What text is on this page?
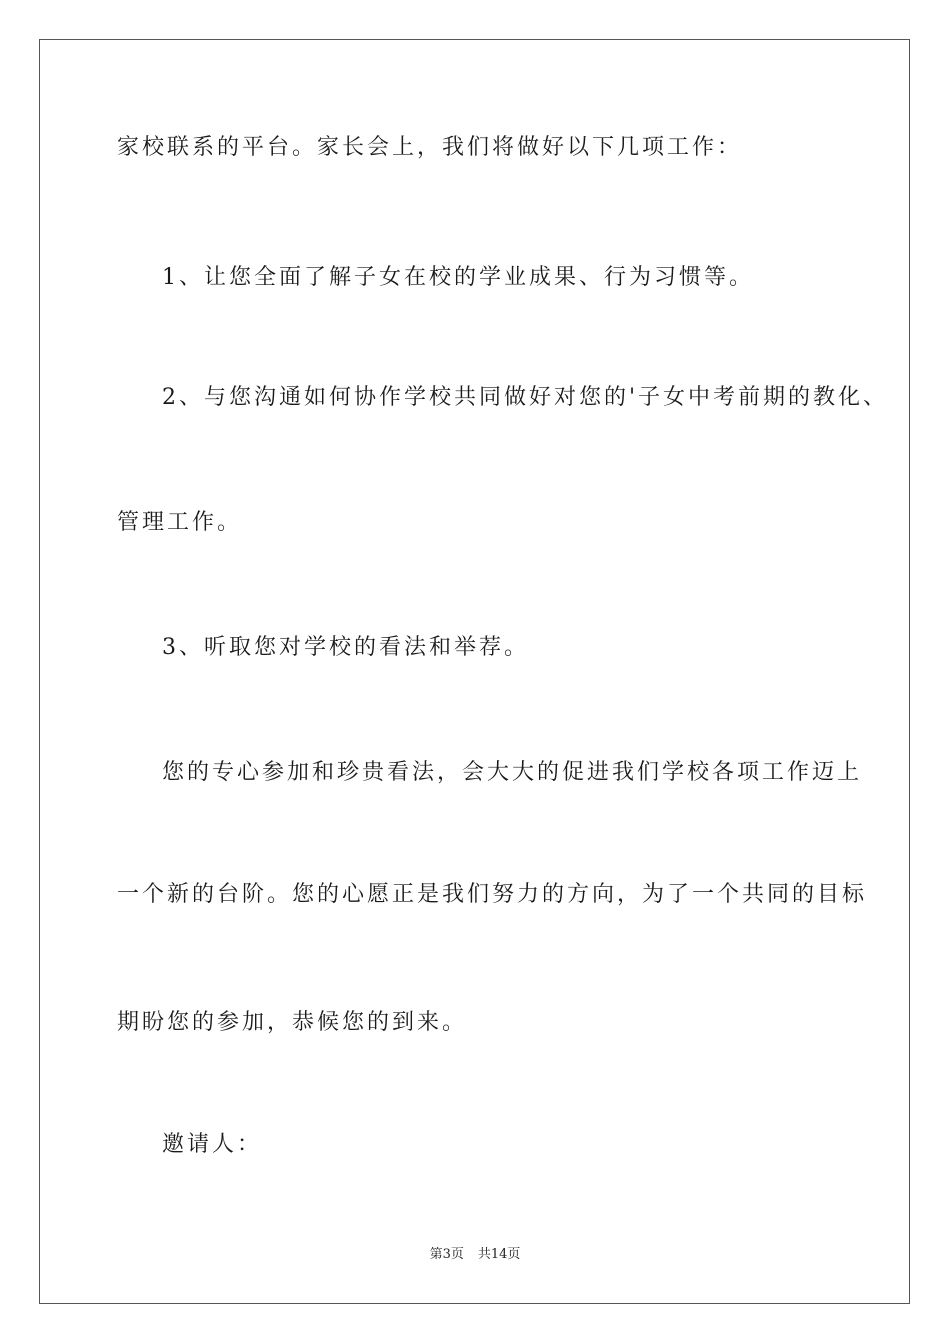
家校联系的平台。家长会上，我们将做好以下几项工作：
1、让您全面了解子女在校的学业成果、行为习惯等。
2、与您沟通如何协作学校共同做好对您的'子女中考前期的教化、
管理工作。
3、听取您对学校的看法和举荐。
您的专心参加和珍贵看法，会大大的促进我们学校各项工作迈上
一个新的台阶。您的心愿正是我们努力的方向，为了一个共同的目标
期盼您的参加，恭候您的到来。
邀请人：
第3页 共14页
